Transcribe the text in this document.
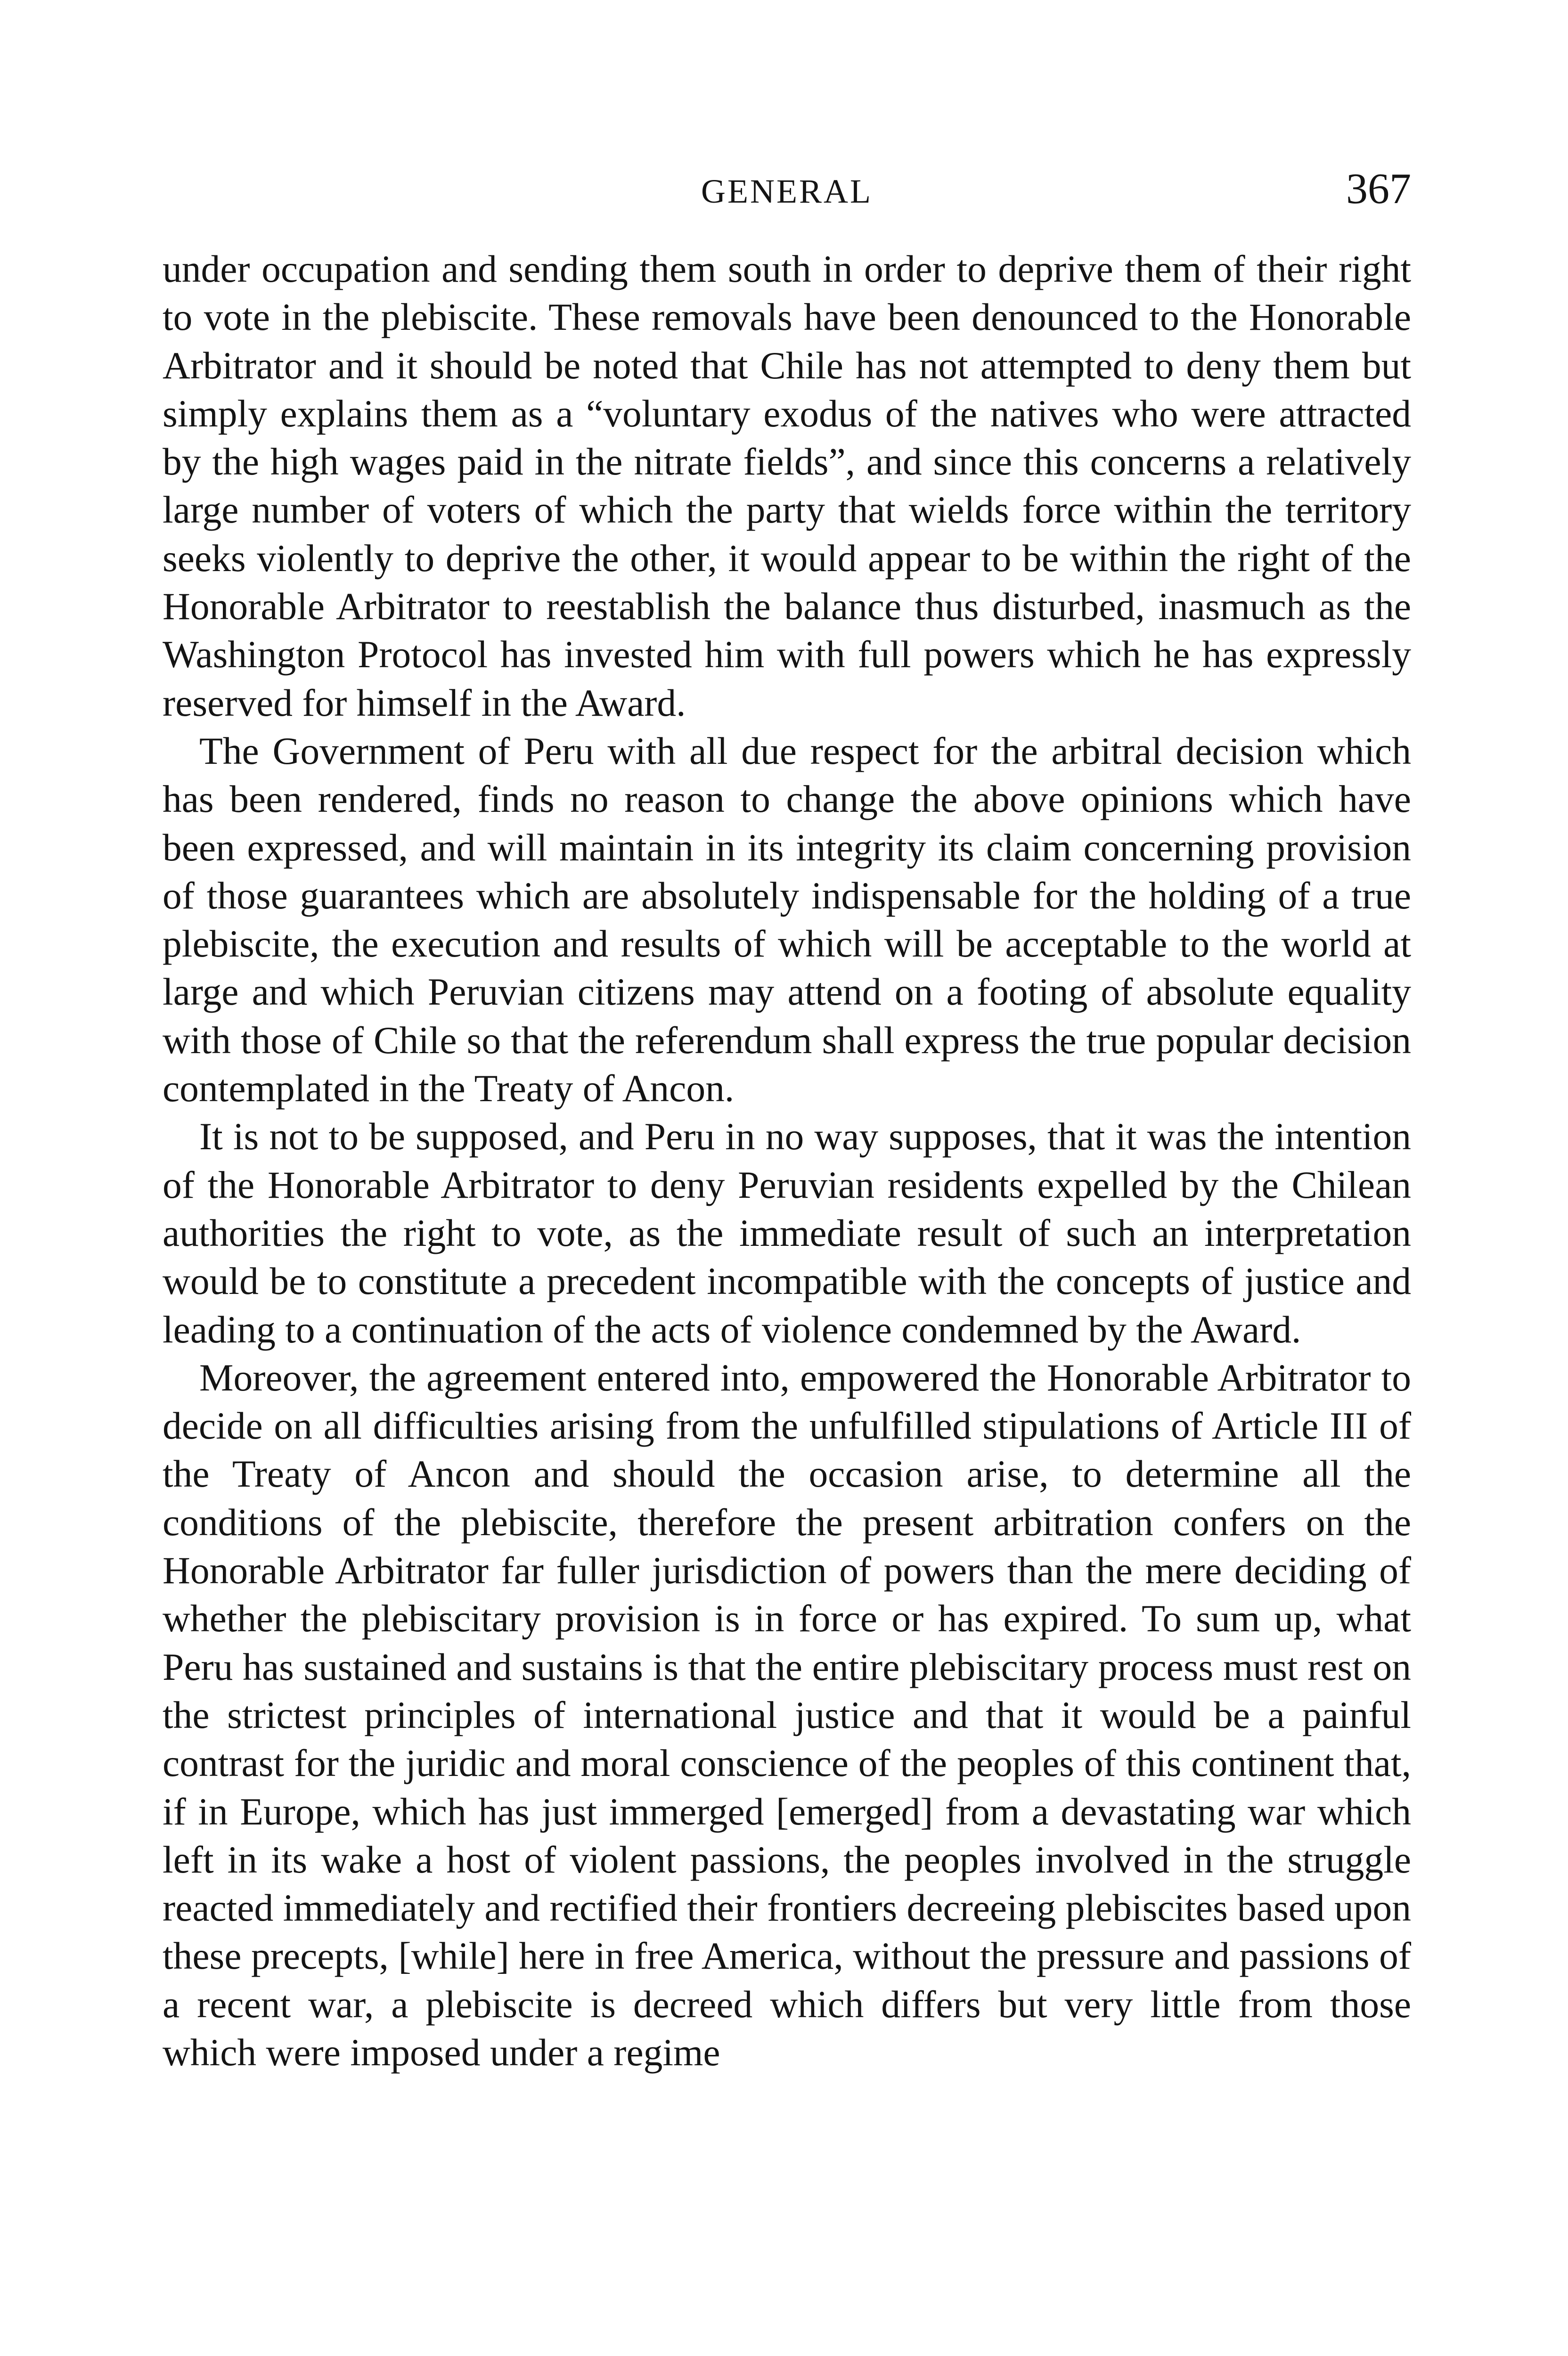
GENERAL	367

under occupation and sending them south in order to deprive them of their right to vote in the plebiscite. These removals have been denounced to the Honorable Arbitrator and it should be noted that Chile has not attempted to deny them but simply explains them as a “voluntary exodus of the natives who were attracted by the high wages paid in the nitrate fields”, and since this concerns a relatively large number of voters of which the party that wields force within the territory seeks violently to deprive the other, it would appear to be within the right of the Honorable Arbitrator to reestablish the balance thus disturbed, inasmuch as the Washington Protocol has invested him with full powers which he has expressly reserved for himself in the Award.

The Government of Peru with all due respect for the arbitral decision which has been rendered, finds no reason to change the above opinions which have been expressed, and will maintain in its integrity its claim concerning provision of those guarantees which are absolutely indispensable for the holding of a true plebiscite, the execution and results of which will be acceptable to the world at large and which Peruvian citizens may attend on a footing of absolute equality with those of Chile so that the referendum shall express the true popular decision contemplated in the Treaty of Ancon.

It is not to be supposed, and Peru in no way supposes, that it was the intention of the Honorable Arbitrator to deny Peruvian residents expelled by the Chilean authorities the right to vote, as the immediate result of such an interpretation would be to constitute a precedent incompatible with the concepts of justice and leading to a continuation of the acts of violence condemned by the Award.

Moreover, the agreement entered into, empowered the Honorable Arbitrator to decide on all difficulties arising from the unfulfilled stipulations of Article III of the Treaty of Ancon and should the occasion arise, to determine all the conditions of the plebiscite, therefore the present arbitration confers on the Honorable Arbitrator far fuller jurisdiction of powers than the mere deciding of whether the plebiscitary provision is in force or has expired. To sum up, what Peru has sustained and sustains is that the entire plebiscitary process must rest on the strictest principles of international justice and that it would be a painful contrast for the juridic and moral conscience of the peoples of this continent that, if in Europe, which has just immerged [emerged] from a devastating war which left in its wake a host of violent passions, the peoples involved in the struggle reacted immediately and rectified their frontiers decreeing plebiscites based upon these precepts, [while] here in free America, without the pressure and passions of a recent war, a plebiscite is decreed which differs but very little from those which were imposed under a regime
